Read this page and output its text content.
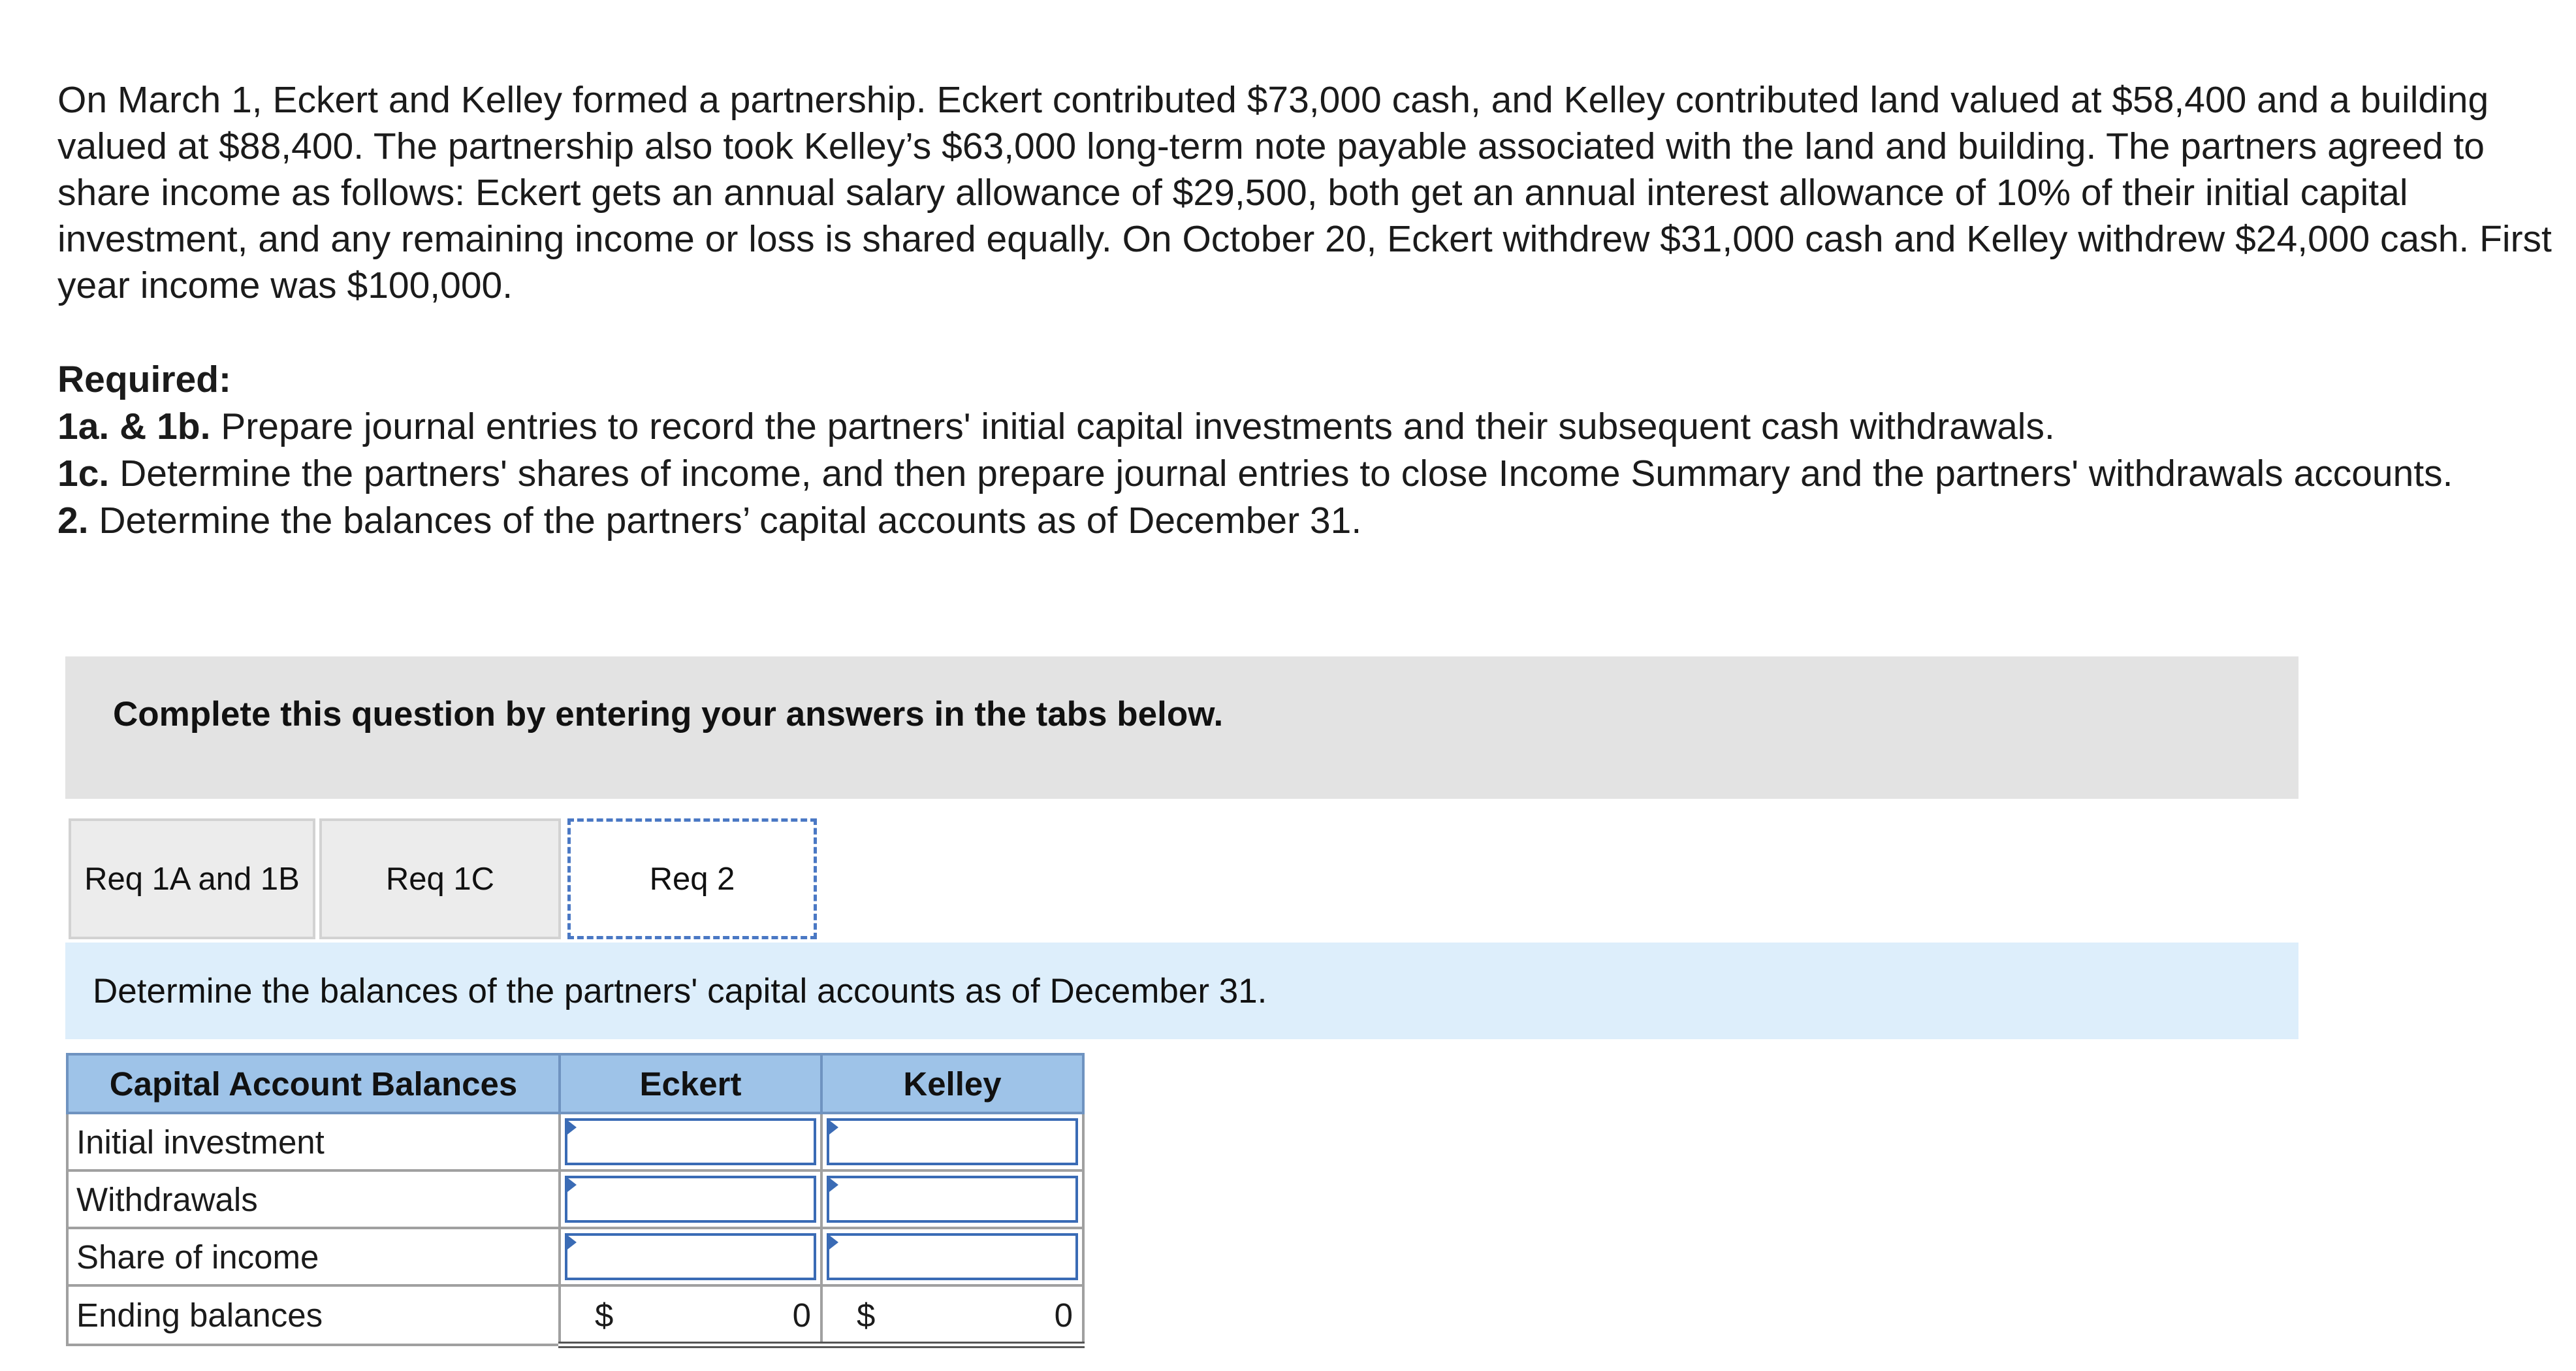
On March 1, Eckert and Kelley formed a partnership. Eckert contributed $73,000 cash, and Kelley contributed land valued at $58,400 and a building valued at $88,400. The partnership also took Kelley’s $63,000 long-term note payable associated with the land and building. The partners agreed to share income as follows: Eckert gets an annual salary allowance of $29,500, both get an annual interest allowance of 10% of their initial capital investment, and any remaining income or loss is shared equally. On October 20, Eckert withdrew $31,000 cash and Kelley withdrew $24,000 cash. First year income was $100,000.
Required:
1a. & 1b. Prepare journal entries to record the partners' initial capital investments and their subsequent cash withdrawals.
1c. Determine the partners' shares of income, and then prepare journal entries to close Income Summary and the partners' withdrawals accounts.
2. Determine the balances of the partners’ capital accounts as of December 31.
Complete this question by entering your answers in the tabs below.
Req 1A and 1B	Req 1C	Req 2
Determine the balances of the partners' capital accounts as of December 31.
Capital Account Balances	Eckert	Kelley
Initial investment	

Withdrawals	

Share of income	

Ending balances	$ 0	$ 0
